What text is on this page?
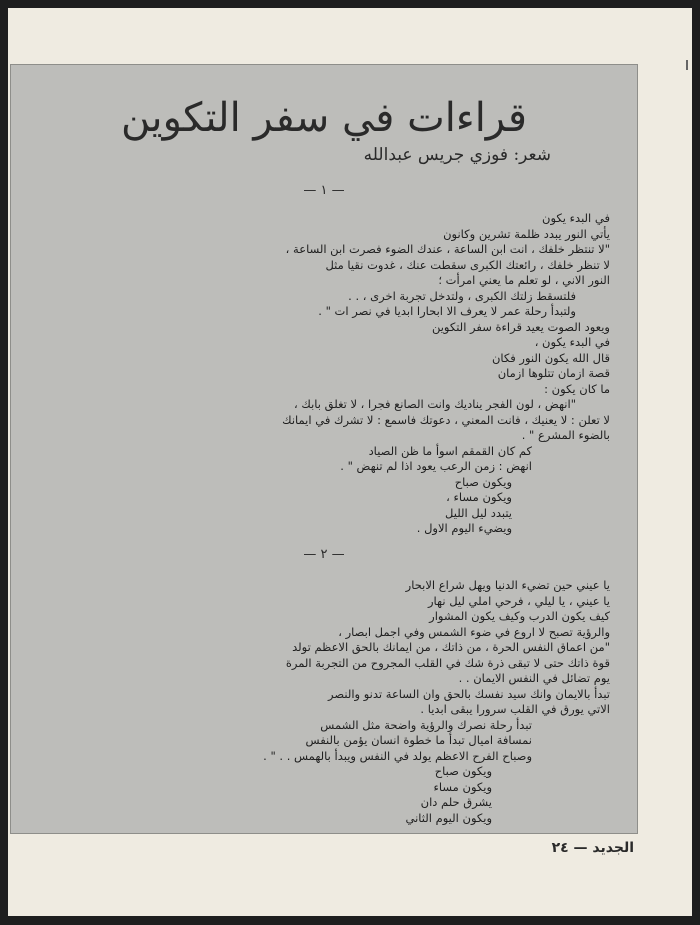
قراءات في سفر التكوين
شعر: فوزي جريس عبدالله
— ١ —
في البدء يكون
يأتي النور يبدد ظلمة تشرين وكانون
"لا تنتظر خلفك ، انت ابن الساعة ، عندك الضوء فصرت ابن الساعة ،
لا تنظر خلفك ، رائعتك الكبرى سقطت عنك ، غدوت نقيا مثل
النور الاني ، لو تعلم ما يعني امرأت ؛
فلتسقط زلتك الكبرى ، ولتدخل تجربة اخرى ، . .
ولتبدأ رحلة عمر لا يعرف الا ابحارا ابديا في نصر ات " .
ويعود الصوت يعيد قراءة سفر التكوين
في البدء يكون ،
قال الله يكون النور فكان
قصة ازمان تتلوها ازمان
ما كان يكون :
"انهض ، لون الفجر يناديك وانت الصانع فجرا ، لا تغلق بابك ،
لا تعلن : لا يعنيك ، فانت المعني ، دعوتك فاسمع : لا تشرك في ايمانك
بالضوء المشرع " .
كم كان القمقم اسوأ ما ظن الصياد
انهض : زمن الرعب يعود اذا لم تنهض " .
ويكون صباح
ويكون مساء ،
يتبدد ليل الليل
ويضيء اليوم الاول .
— ٢ —
يا عيني حين تضيء الدنيا ويهل شراع الابحار
يا عيني ، يا ليلي ، فرحي املي ليل نهار
كيف يكون الدرب وكيف يكون المشوار
والرؤية تصبح لا اروع في ضوء الشمس وفي اجمل ابصار ،
"من اعماق النفس الحرة ، من ذاتك ، من ايمانك بالحق الاعظم تولد
قوة ذاتك حتى لا تبقى ذرة شك في القلب المجروح من التجربة المرة
يوم تضائل في النفس الايمان . .
تبدأ بالايمان وانك سيد نفسك بالحق وان الساعة تدنو والنصر
الاتي يورق في القلب سرورا يبقى ابديا .
تبدأ رحلة نصرك والرؤية واضحة مثل الشمس
نمسافة اميال تبدأ ما خطوة انسان يؤمن بالنفس
وصباح الفرح الاعظم يولد في النفس ويبدأ بالهمس . . " .
ويكون صباح
ويكون مساء
يشرق حلم دان
ويكون اليوم الثاني
الجديد — ٢٤
